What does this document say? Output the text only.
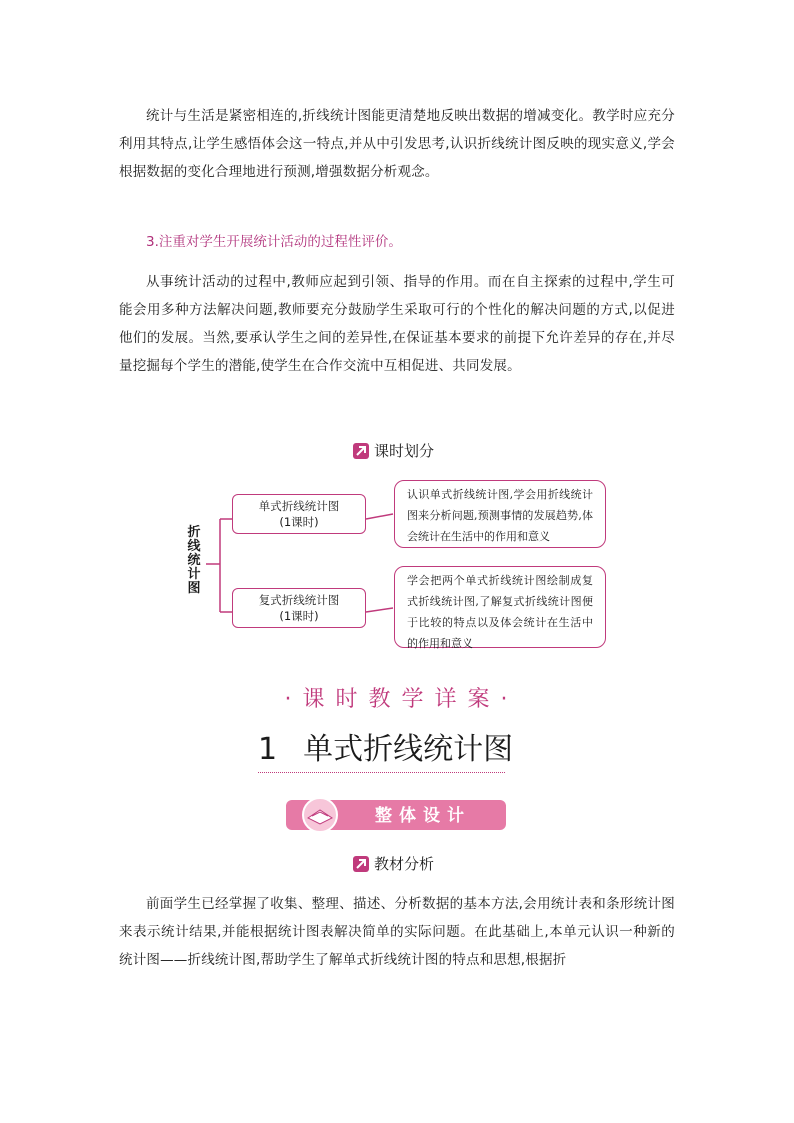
统计与生活是紧密相连的,折线统计图能更清楚地反映出数据的增减变化。教学时应充分利用其特点,让学生感悟体会这一特点,并从中引发思考,认识折线统计图反映的现实意义,学会根据数据的变化合理地进行预测,增强数据分析观念。

3.注重对学生开展统计活动的过程性评价。

从事统计活动的过程中,教师应起到引领、指导的作用。而在自主探索的过程中,学生可能会用多种方法解决问题,教师要充分鼓励学生采取可行的个性化的解决问题的方式,以促进他们的发展。当然,要承认学生之间的差异性,在保证基本要求的前提下允许差异的存在,并尽量挖掘每个学生的潜能,使学生在合作交流中互相促进、共同发展。

课时划分
折线统计图
单式折线统计图
(1课时)
复式折线统计图
(1课时)
认识单式折线统计图,学会用折线统计图来分析问题,预测事情的发展趋势,体会统计在生活中的作用和意义
学会把两个单式折线统计图绘制成复式折线统计图,了解复式折线统计图便于比较的特点以及体会统计在生活中的作用和意义
· 课 时 教 学 详 案 ·
1 单式折线统计图
整体设计
教材分析

前面学生已经掌握了收集、整理、描述、分析数据的基本方法,会用统计表和条形统计图来表示统计结果,并能根据统计图表解决简单的实际问题。在此基础上,本单元认识一种新的统计图——折线统计图,帮助学生了解单式折线统计图的特点和思想,根据折
